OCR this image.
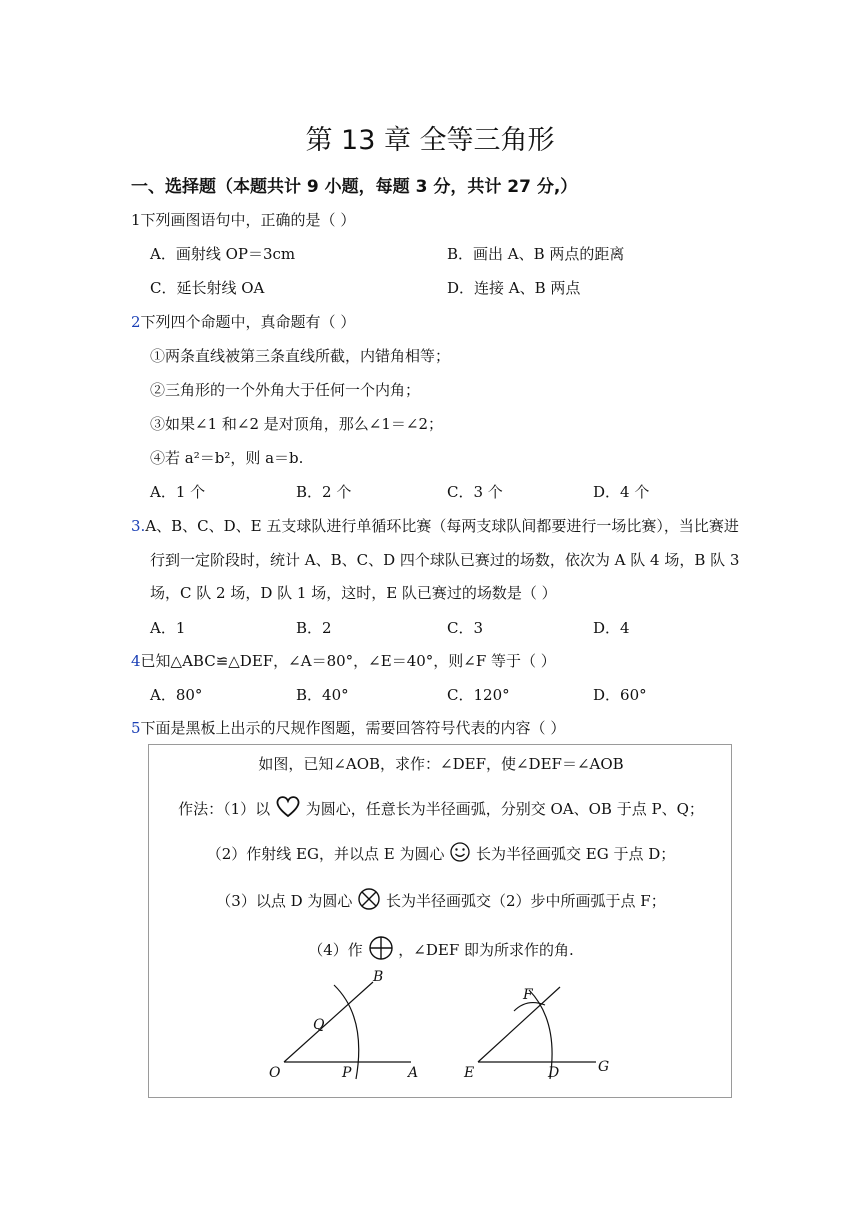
第 13 章 全等三角形
一、选择题（本题共计 9 小题，每题 3 分，共计 27 分,）
1下列画图语句中，正确的是（ ）
A．画射线 OP＝3cm	B．画出 A、B 两点的距离
C．延长射线 OA	D．连接 A、B 两点
2下列四个命题中，真命题有（ ）
①两条直线被第三条直线所截，内错角相等；
②三角形的一个外角大于任何一个内角；
③如果∠1 和∠2 是对顶角，那么∠1＝∠2；
④若 a²＝b²，则 a＝b.
A．1 个	B．2 个	C．3 个	D．4 个
3.A、B、C、D、E 五支球队进行单循环比赛（每两支球队间都要进行一场比赛），当比赛进
行到一定阶段时，统计 A、B、C、D 四个球队已赛过的场数，依次为 A 队 4 场，B 队 3
场，C 队 2 场，D 队 1 场，这时，E 队已赛过的场数是（ ）
A．1	B．2	C．3	D．4
4已知△ABC≌△DEF，∠A＝80°，∠E＝40°，则∠F 等于（ ）
A．80°	B．40°	C．120°	D．60°
5下面是黑板上出示的尺规作图题，需要回答符号代表的内容（ ）
如图，已知∠AOB，求作：∠DEF，使∠DEF＝∠AOB
作法：（1）以 为圆心，任意长为半径画弧，分别交 OA、OB 于点 P、Q；
（2）作射线 EG，并以点 E 为圆心 长为半径画弧交 EG 于点 D；
（3）以点 D 为圆心 长为半径画弧交（2）步中所画弧于点 F；
（4）作 ，∠DEF 即为所求作的角.
B
Q
O	P	A
F
E	D	G
